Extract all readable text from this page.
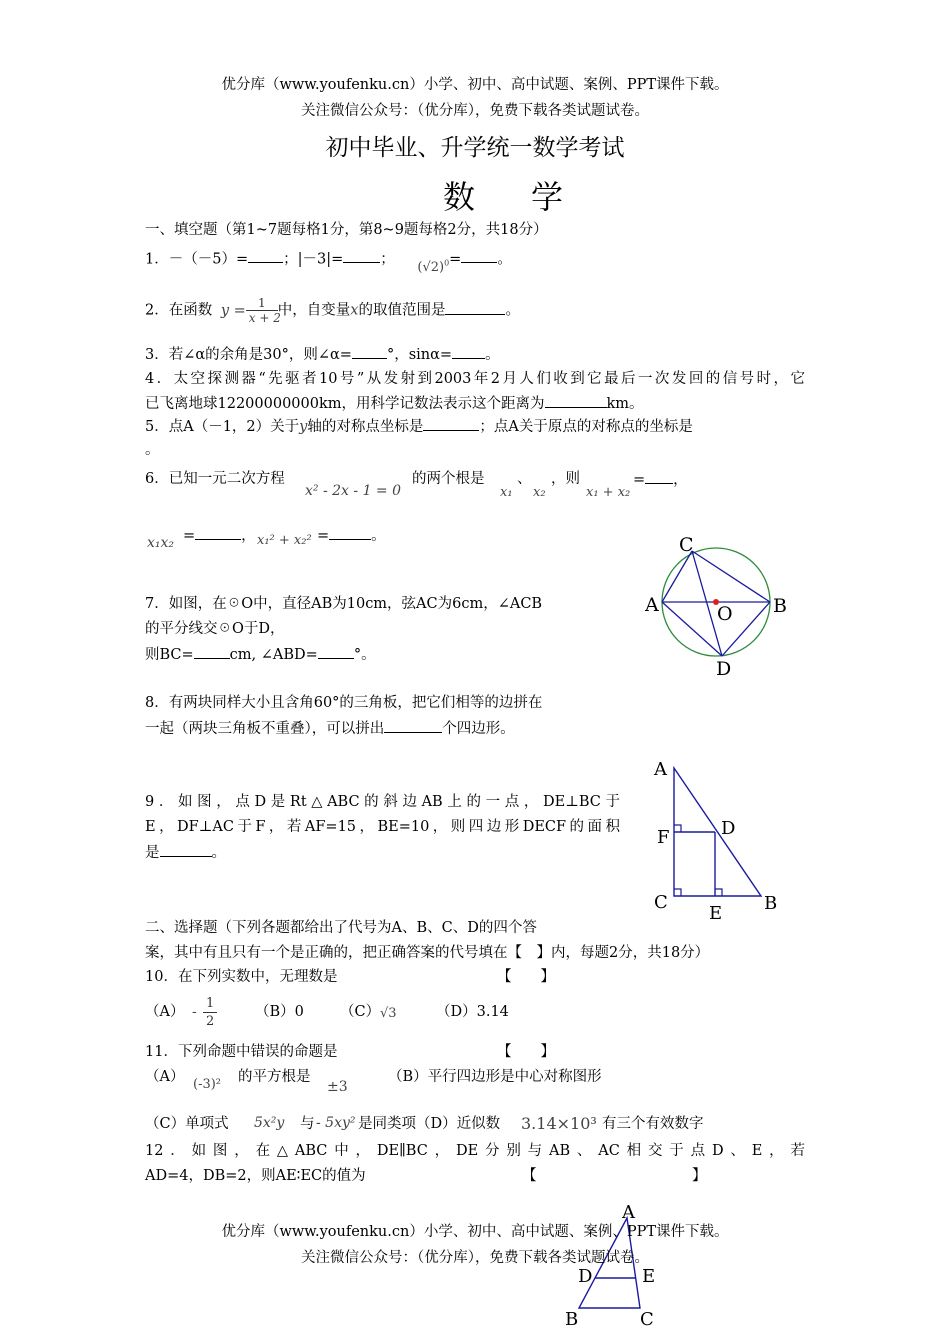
优分库（www.youfenku.cn）小学、初中、高中试题、案例、PPT课件下载。
关注微信公众号：（优分库），免费下载各类试题试卷。
初中毕业、升学统一数学考试
数学
一、填空题（第1~7题每格1分，第8~9题每格2分，共18分）
1．－（－5）= ；|－3|=	； $(√2)^0=$ 。
2．在函数 $y = \frac{1}{x + 2}$ 中，自变量x的取值范围是	。
3．若∠α的余角是30°，则∠α= °，sinα= 。
4．太空探测器“先驱者10号”从发射到2003年2月人们收到它最后一次发回的信号时，它
已飞离地球12200000000km，用科学记数法表示这个距离为	km。
5．点A（－1，2）关于y轴的对称点坐标是	；点A关于原点的对称点的坐标是
。
6．已知一元二次方程
x² - 2x - 1 = 0
的两个根是
x₁
、
x₂
，则
x₁ + x₂
= ，
x₁x₂ =	， x₁² + x₂² =	。
7．如图，在☉O中，直径AB为10cm，弦AC为6cm，∠ACB
的平分线交☉O于D，
则BC= cm, ∠ABD= °。
C
A	O B
D
8．有两块同样大小且含角60°的三角板，把它们相等的边拼在
一起（两块三角板不重叠），可以拼出	个四边形。
9．如图，点D是Rt△ABC的斜边AB上的一点，DE⊥BC于
E，DF⊥AC于F，若AF=15，BE=10，则四边形DECF的面积
是	。
A
F	D
C
E B
二、选择题（下列各题都给出了代号为A、B、C、D的四个答
案，其中有且只有一个是正确的，把正确答案的代号填在【　】内，每题2分，共18分）
10．在下列实数中，无理数是	【　　】
$(A) - \frac{1}{2}$	（B）0 （C） √3	（D）3.14
11．下列命题中错误的命题是	【　　】
（A） (-3)² 的平方根是
±3
（B）平行四边形是中心对称图形
（C）单项式 5x²y 与 - 5xy² 是同类项（D）近似数 3.14×10³ 有三个有效数字
12．如图，在△ABC中，DE∥BC，DE分别与AB、AC相交于点D、E，若
AD=4，DB=2，则AE∶EC的值为	【	】
A
D	E
B	C
优分库（www.youfenku.cn）小学、初中、高中试题、案例、PPT课件下载。
关注微信公众号：（优分库），免费下载各类试题试卷。
